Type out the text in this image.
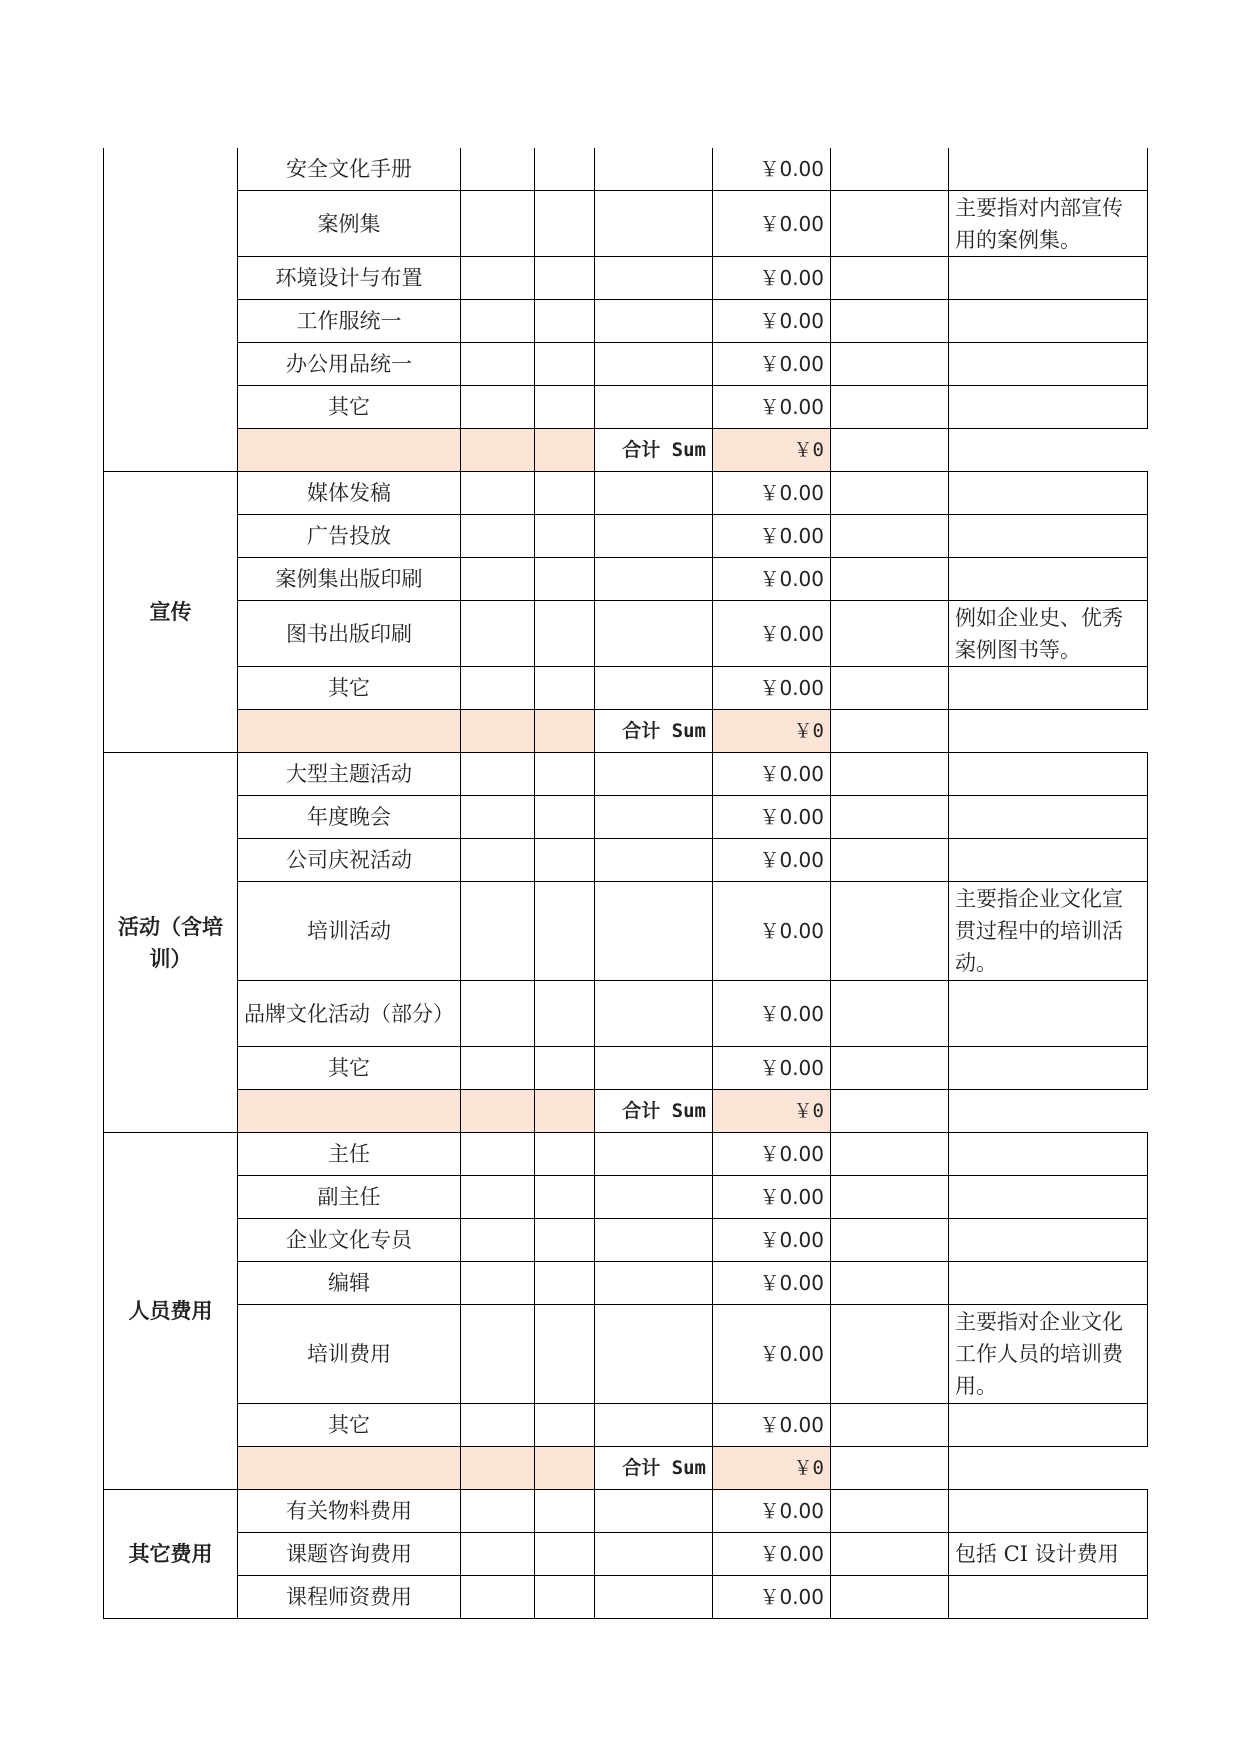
	安全文化手册				￥0.00		
	案例集				￥0.00		主要指对内部宣传用的案例集。
	环境设计与布置				￥0.00		
	工作服统一				￥0.00		
	办公用品统一				￥0.00		
	其它				￥0.00		
				合计 Sum	￥0		
宣传	媒体发稿				￥0.00		
	广告投放				￥0.00		
	案例集出版印刷				￥0.00		
	图书出版印刷				￥0.00		例如企业史、优秀案例图书等。
	其它				￥0.00		
				合计 Sum	￥0		
活动（含培训）	大型主题活动				￥0.00		
	年度晚会				￥0.00		
	公司庆祝活动				￥0.00		
	培训活动				￥0.00		主要指企业文化宣贯过程中的培训活动。
	品牌文化活动（部分）				￥0.00		
	其它				￥0.00		
				合计 Sum	￥0		
人员费用	主任				￥0.00		
	副主任				￥0.00		
	企业文化专员				￥0.00		
	编辑				￥0.00		
	培训费用				￥0.00		主要指对企业文化工作人员的培训费用。
	其它				￥0.00		
				合计 Sum	￥0		
其它费用	有关物料费用				￥0.00		
	课题咨询费用				￥0.00		包括 CI 设计费用
	课程师资费用				￥0.00		
